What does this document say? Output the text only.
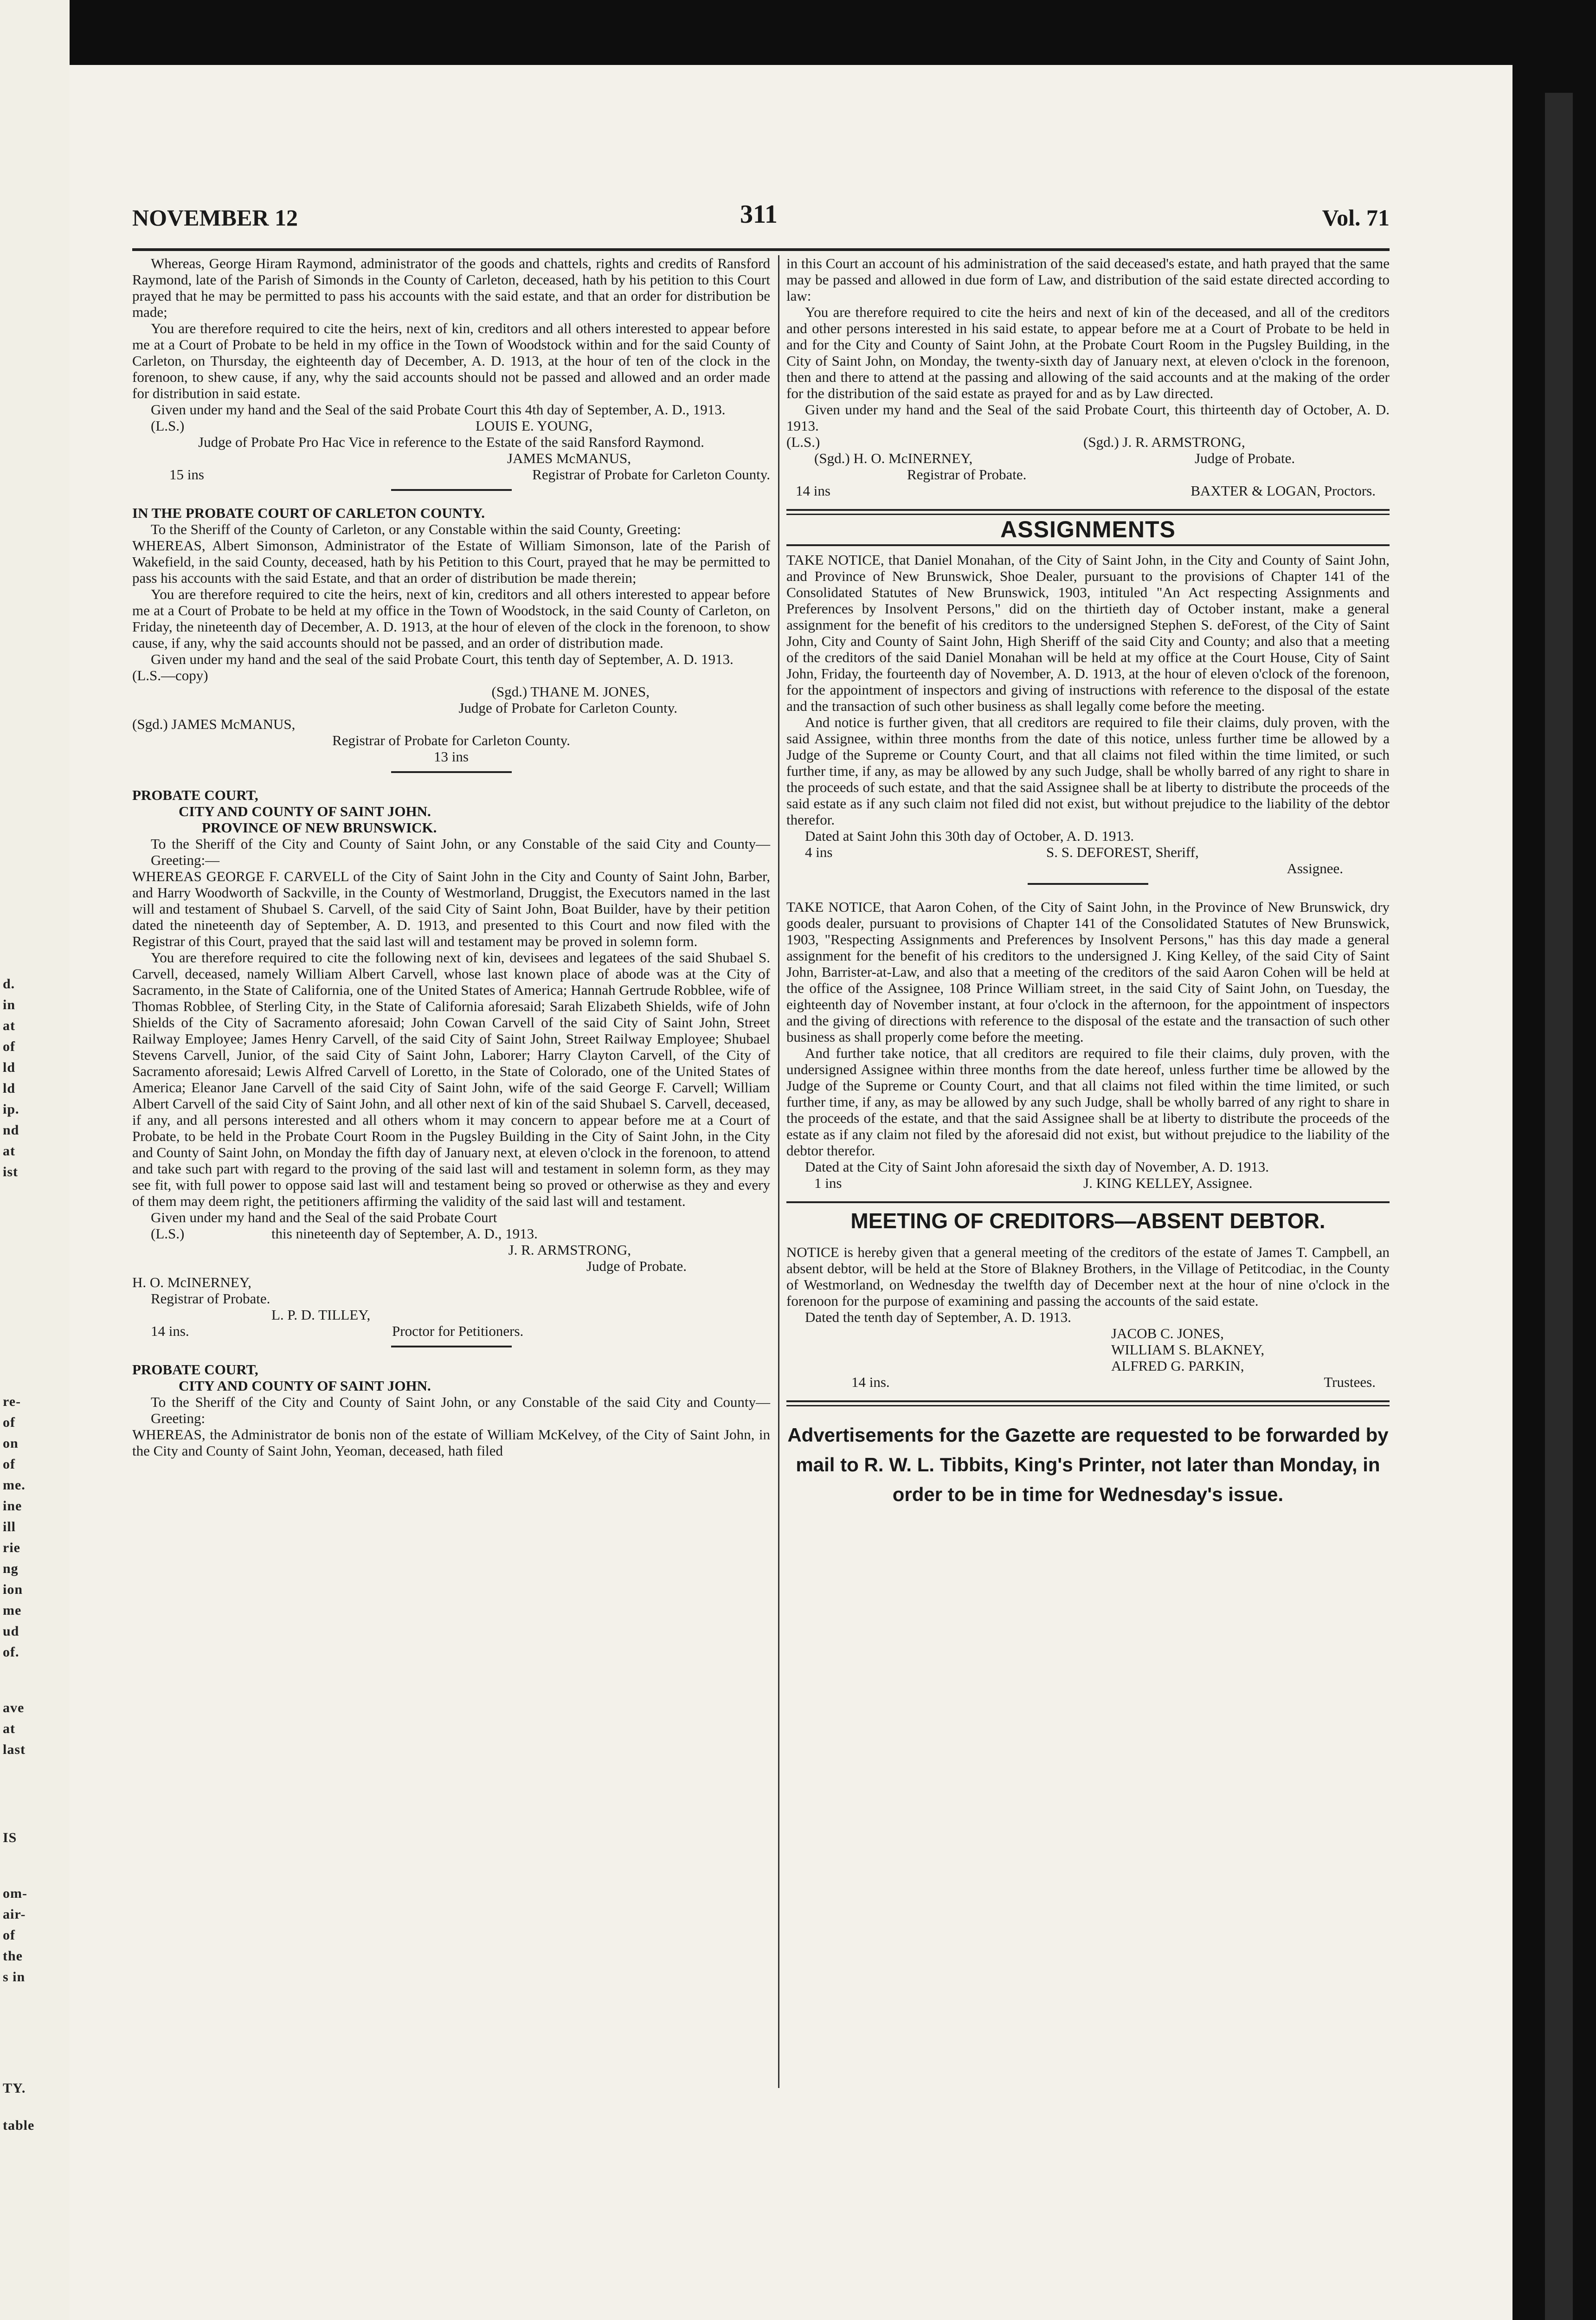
d.
in
at
of
ld
ld
ip.
nd
at
ist
re-
of
on
of
me.
ine
ill
rie
ng
ion
me
ud
of.
ave
at
last
IS
om-
air-
of
the
s in
TY.
table
NOVEMBER 12	311	Vol. 71

Whereas, George Hiram Raymond, administrator of the goods and chattels, rights and credits of Ransford Raymond, late of the Parish of Simonds in the County of Carleton, deceased, hath by his petition to this Court prayed that he may be permitted to pass his accounts with the said estate, and that an order for distribution be made;

You are therefore required to cite the heirs, next of kin, creditors and all others interested to appear before me at a Court of Probate to be held in my office in the Town of Woodstock within and for the said County of Carleton, on Thursday, the eighteenth day of December, A. D. 1913, at the hour of ten of the clock in the forenoon, to shew cause, if any, why the said accounts should not be passed and allowed and an order made for distribution in said estate.

Given under my hand and the Seal of the said Probate Court this 4th day of September, A. D., 1913.

(L.S.)	LOUIS E. YOUNG,

Judge of Probate Pro Hac Vice in reference to the Estate of the said Ransford Raymond.

JAMES McMANUS,

15 ins	Registrar of Probate for Carleton County.

IN THE PROBATE COURT OF CARLETON COUNTY.

To the Sheriff of the County of Carleton, or any Constable within the said County, Greeting:

WHEREAS, Albert Simonson, Administrator of the Estate of William Simonson, late of the Parish of Wakefield, in the said County, deceased, hath by his Petition to this Court, prayed that he may be permitted to pass his accounts with the said Estate, and that an order of distribution be made therein;

You are therefore required to cite the heirs, next of kin, creditors and all others interested to appear before me at a Court of Probate to be held at my office in the Town of Woodstock, in the said County of Carleton, on Friday, the nineteenth day of December, A. D. 1913, at the hour of eleven of the clock in the forenoon, to show cause, if any, why the said accounts should not be passed, and an order of distribution made.

Given under my hand and the seal of the said Probate Court, this tenth day of September, A. D. 1913.

(L.S.—copy)

(Sgd.) THANE M. JONES,

Judge of Probate for Carleton County.

(Sgd.) JAMES McMANUS,

Registrar of Probate for Carleton County.

13 ins

PROBATE COURT,

CITY AND COUNTY OF SAINT JOHN.

PROVINCE OF NEW BRUNSWICK.

To the Sheriff of the City and County of Saint John, or any Constable of the said City and County—Greeting:—

WHEREAS GEORGE F. CARVELL of the City of Saint John in the City and County of Saint John, Barber, and Harry Woodworth of Sackville, in the County of Westmorland, Druggist, the Executors named in the last will and testament of Shubael S. Carvell, of the said City of Saint John, Boat Builder, have by their petition dated the nineteenth day of September, A. D. 1913, and presented to this Court and now filed with the Registrar of this Court, prayed that the said last will and testament may be proved in solemn form.

You are therefore required to cite the following next of kin, devisees and legatees of the said Shubael S. Carvell, deceased, namely William Albert Carvell, whose last known place of abode was at the City of Sacramento, in the State of California, one of the United States of America; Hannah Gertrude Robblee, wife of Thomas Robblee, of Sterling City, in the State of California aforesaid; Sarah Elizabeth Shields, wife of John Shields of the City of Sacramento aforesaid; John Cowan Carvell of the said City of Saint John, Street Railway Employee; James Henry Carvell, of the said City of Saint John, Street Railway Employee; Shubael Stevens Carvell, Junior, of the said City of Saint John, Laborer; Harry Clayton Carvell, of the City of Sacramento aforesaid; Lewis Alfred Carvell of Loretto, in the State of Colorado, one of the United States of America; Eleanor Jane Carvell of the said City of Saint John, wife of the said George F. Carvell; William Albert Carvell of the said City of Saint John, and all other next of kin of the said Shubael S. Carvell, deceased, if any, and all persons interested and all others whom it may concern to appear before me at a Court of Probate, to be held in the Probate Court Room in the Pugsley Building in the City of Saint John, in the City and County of Saint John, on Monday the fifth day of January next, at eleven o'clock in the forenoon, to attend and take such part with regard to the proving of the said last will and testament in solemn form, as they may see fit, with full power to oppose said last will and testament being so proved or otherwise as they and every of them may deem right, the petitioners affirming the validity of the said last will and testament.

Given under my hand and the Seal of the said Probate Court

(L.S.)	this nineteenth day of September, A. D., 1913.

J. R. ARMSTRONG,

Judge of Probate.

H. O. McINERNEY,

Registrar of Probate.

L. P. D. TILLEY,

14 ins.	Proctor for Petitioners.

PROBATE COURT,

CITY AND COUNTY OF SAINT JOHN.

To the Sheriff of the City and County of Saint John, or any Constable of the said City and County—Greeting:

WHEREAS, the Administrator de bonis non of the estate of William McKelvey, of the City of Saint John, in the City and County of Saint John, Yeoman, deceased, hath filed

in this Court an account of his administration of the said deceased's estate, and hath prayed that the same may be passed and allowed in due form of Law, and distribution of the said estate directed according to law:

You are therefore required to cite the heirs and next of kin of the deceased, and all of the creditors and other persons interested in his said estate, to appear before me at a Court of Probate to be held in and for the City and County of Saint John, at the Probate Court Room in the Pugsley Building, in the City of Saint John, on Monday, the twenty-sixth day of January next, at eleven o'clock in the forenoon, then and there to attend at the passing and allowing of the said accounts and at the making of the order for the distribution of the said estate as prayed for and as by Law directed.

Given under my hand and the Seal of the said Probate Court, this thirteenth day of October, A. D. 1913.

(L.S.)	(Sgd.) J. R. ARMSTRONG,
(Sgd.) H. O. McINERNEY,	Judge of Probate.

Registrar of Probate.

14 ins	BAXTER & LOGAN, Proctors.
ASSIGNMENTS

TAKE NOTICE, that Daniel Monahan, of the City of Saint John, in the City and County of Saint John, and Province of New Brunswick, Shoe Dealer, pursuant to the provisions of Chapter 141 of the Consolidated Statutes of New Brunswick, 1903, intituled "An Act respecting Assignments and Preferences by Insolvent Persons," did on the thirtieth day of October instant, make a general assignment for the benefit of his creditors to the undersigned Stephen S. deForest, of the City of Saint John, City and County of Saint John, High Sheriff of the said City and County; and also that a meeting of the creditors of the said Daniel Monahan will be held at my office at the Court House, City of Saint John, Friday, the fourteenth day of November, A. D. 1913, at the hour of eleven o'clock of the forenoon, for the appointment of inspectors and giving of instructions with reference to the disposal of the estate and the transaction of such other business as shall legally come before the meeting.

And notice is further given, that all creditors are required to file their claims, duly proven, with the said Assignee, within three months from the date of this notice, unless further time be allowed by a Judge of the Supreme or County Court, and that all claims not filed within the time limited, or such further time, if any, as may be allowed by any such Judge, shall be wholly barred of any right to share in the proceeds of such estate, and that the said Assignee shall be at liberty to distribute the proceeds of the said estate as if any such claim not filed did not exist, but without prejudice to the liability of the debtor therefor.

Dated at Saint John this 30th day of October, A. D. 1913.

4 ins	S. S. DEFOREST, Sheriff,

Assignee.

TAKE NOTICE, that Aaron Cohen, of the City of Saint John, in the Province of New Brunswick, dry goods dealer, pursuant to provisions of Chapter 141 of the Consolidated Statutes of New Brunswick, 1903, "Respecting Assignments and Preferences by Insolvent Persons," has this day made a general assignment for the benefit of his creditors to the undersigned J. King Kelley, of the said City of Saint John, Barrister-at-Law, and also that a meeting of the creditors of the said Aaron Cohen will be held at the office of the Assignee, 108 Prince William street, in the said City of Saint John, on Tuesday, the eighteenth day of November instant, at four o'clock in the afternoon, for the appointment of inspectors and the giving of directions with reference to the disposal of the estate and the transaction of such other business as shall properly come before the meeting.

And further take notice, that all creditors are required to file their claims, duly proven, with the undersigned Assignee within three months from the date hereof, unless further time be allowed by the Judge of the Supreme or County Court, and that all claims not filed within the time limited, or such further time, if any, as may be allowed by any such Judge, shall be wholly barred of any right to share in the proceeds of the estate, and that the said Assignee shall be at liberty to distribute the proceeds of the estate as if any claim not filed by the aforesaid did not exist, but without prejudice to the liability of the debtor therefor.

Dated at the City of Saint John aforesaid the sixth day of November, A. D. 1913.

1 ins	J. KING KELLEY, Assignee.
MEETING OF CREDITORS—ABSENT DEBTOR.

NOTICE is hereby given that a general meeting of the creditors of the estate of James T. Campbell, an absent debtor, will be held at the Store of Blakney Brothers, in the Village of Petitcodiac, in the County of Westmorland, on Wednesday the twelfth day of December next at the hour of nine o'clock in the forenoon for the purpose of examining and passing the accounts of the said estate.

Dated the tenth day of September, A. D. 1913.

JACOB C. JONES,

WILLIAM S. BLAKNEY,

ALFRED G. PARKIN,

14 ins.	Trustees.

Advertisements for the Gazette are requested to be forwarded by mail to R. W. L. Tibbits, King's Printer, not later than Monday, in order to be in time for Wednesday's issue.
